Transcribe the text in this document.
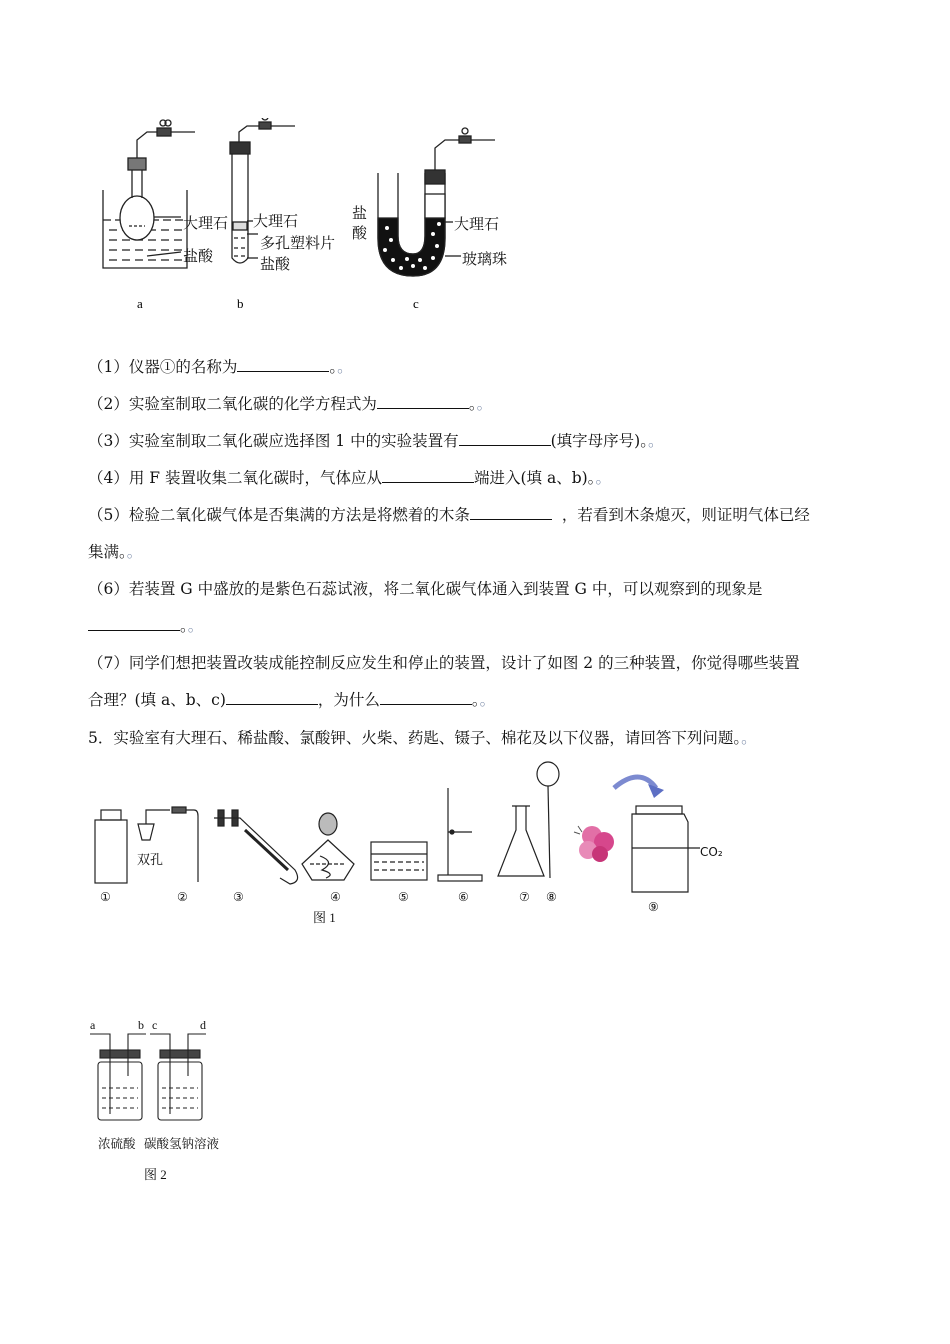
a	b	c
大理石
盐酸
大理石
多孔塑料片
盐酸
盐酸	大理石
玻璃珠
（1）仪器①的名称为	。。
（2）实验室制取二氧化碳的化学方程式为	。。
（3）实验室制取二氧化碳应选择图 1 中的实验装置有	(填字母序号)。。
（4）用 F 装置收集二氧化碳时，气体应从	端进入(填 a、b)。。
（5）检验二氧化碳气体是否集满的方法是将燃着的木条	，若看到木条熄灭，则证明气体已经
集满。。
（6）若装置 G 中盛放的是紫色石蕊试液，将二氧化碳气体通入到装置 G 中，可以观察到的现象是
。。
（7）同学们想把装置改装成能控制反应发生和停止的装置，设计了如图 2 的三种装置，你觉得哪些装置
合理？(填 a、b、c)	，为什么	。。
5．实验室有大理石、稀盐酸、氯酸钾、火柴、药匙、镊子、棉花及以下仪器，请回答下列问题。。
双孔
CO₂
①	②	③	④	⑤	⑥	⑦ ⑧
⑨
图 1
a	b c	d
浓硫酸 碳酸氢钠溶液
图 2
